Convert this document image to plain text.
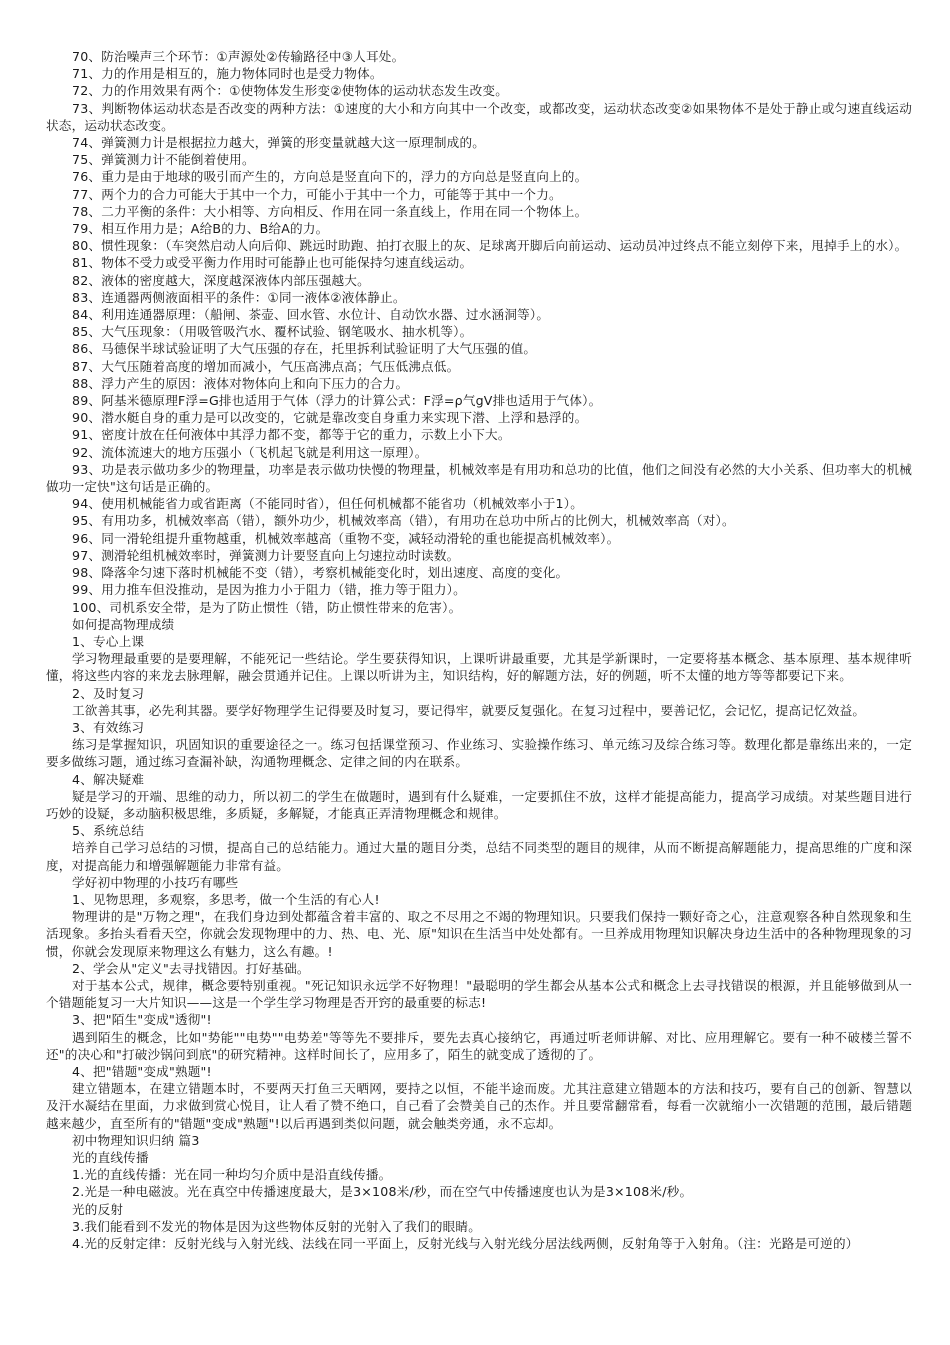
70、防治噪声三个环节：①声源处②传输路径中③人耳处。

71、力的作用是相互的，施力物体同时也是受力物体。

72、力的作用效果有两个：①使物体发生形变②使物体的运动状态发生改变。

73、判断物体运动状态是否改变的两种方法：①速度的大小和方向其中一个改变，或都改变，运动状态改变②如果物体不是处于静止或匀速直线运动状态，运动状态改变。

74、弹簧测力计是根据拉力越大，弹簧的形变量就越大这一原理制成的。

75、弹簧测力计不能倒着使用。

76、重力是由于地球的吸引而产生的，方向总是竖直向下的，浮力的方向总是竖直向上的。

77、两个力的合力可能大于其中一个力，可能小于其中一个力，可能等于其中一个力。

78、二力平衡的条件：大小相等、方向相反、作用在同一条直线上，作用在同一个物体上。

79、相互作用力是；A给B的力、B给A的力。

80、惯性现象：（车突然启动人向后仰、跳远时助跑、拍打衣服上的灰、足球离开脚后向前运动、运动员冲过终点不能立刻停下来，甩掉手上的水）。

81、物体不受力或受平衡力作用时可能静止也可能保持匀速直线运动。

82、液体的密度越大，深度越深液体内部压强越大。

83、连通器两侧液面相平的条件：①同一液体②液体静止。

84、利用连通器原理：（船闸、茶壶、回水管、水位计、自动饮水器、过水涵洞等）。

85、大气压现象：（用吸管吸汽水、覆杯试验、钢笔吸水、抽水机等）。

86、马德保半球试验证明了大气压强的存在，托里拆利试验证明了大气压强的值。

87、大气压随着高度的增加而减小，气压高沸点高；气压低沸点低。

88、浮力产生的原因：液体对物体向上和向下压力的合力。

89、阿基米德原理F浮=G排也适用于气体（浮力的计算公式：F浮=ρ气gV排也适用于气体）。

90、潜水艇自身的重力是可以改变的，它就是靠改变自身重力来实现下潜、上浮和悬浮的。

91、密度计放在任何液体中其浮力都不变，都等于它的重力，示数上小下大。

92、流体流速大的地方压强小（飞机起飞就是利用这一原理）。

93、功是表示做功多少的物理量，功率是表示做功快慢的物理量，机械效率是有用功和总功的比值，他们之间没有必然的大小关系、但功率大的机械做功一定快"这句话是正确的。

94、使用机械能省力或省距离（不能同时省），但任何机械都不能省功（机械效率小于1）。

95、有用功多，机械效率高（错），额外功少，机械效率高（错），有用功在总功中所占的比例大，机械效率高（对）。

96、同一滑轮组提升重物越重，机械效率越高（重物不变，减轻动滑轮的重也能提高机械效率）。

97、测滑轮组机械效率时，弹簧测力计要竖直向上匀速拉动时读数。

98、降落伞匀速下落时机械能不变（错），考察机械能变化时，划出速度、高度的变化。

99、用力推车但没推动，是因为推力小于阻力（错，推力等于阻力）。

100、司机系安全带，是为了防止惯性（错，防止惯性带来的危害）。

如何提高物理成绩

1、专心上课

学习物理最重要的是要理解，不能死记一些结论。学生要获得知识，上课听讲最重要，尤其是学新课时，一定要将基本概念、基本原理、基本规律听懂，将这些内容的来龙去脉理解，融会贯通并记住。上课以听讲为主，知识结构，好的解题方法，好的例题，听不太懂的地方等等都要记下来。

2、及时复习

工欲善其事，必先利其器。要学好物理学生记得要及时复习，要记得牢，就要反复强化。在复习过程中，要善记忆，会记忆，提高记忆效益。

3、有效练习

练习是掌握知识，巩固知识的重要途径之一。练习包括课堂预习、作业练习、实验操作练习、单元练习及综合练习等。数理化都是靠练出来的，一定要多做练习题，通过练习查漏补缺，沟通物理概念、定律之间的内在联系。

4、解决疑难

疑是学习的开端、思维的动力，所以初二的学生在做题时，遇到有什么疑难，一定要抓住不放，这样才能提高能力，提高学习成绩。对某些题目进行巧妙的设疑，多动脑积极思维，多质疑，多解疑，才能真正弄清物理概念和规律。

5、系统总结

培养自己学习总结的习惯，提高自己的总结能力。通过大量的题目分类，总结不同类型的题目的规律，从而不断提高解题能力，提高思维的广度和深度，对提高能力和增强解题能力非常有益。

学好初中物理的小技巧有哪些

1、见物思理，多观察，多思考，做一个生活的有心人!

物理讲的是"万物之理"，在我们身边到处都蕴含着丰富的、取之不尽用之不竭的物理知识。只要我们保持一颗好奇之心，注意观察各种自然现象和生活现象。多抬头看看天空，你就会发现物理中的力、热、电、光、原"知识在生活当中处处都有。一旦养成用物理知识解决身边生活中的各种物理现象的习惯，你就会发现原来物理这么有魅力，这么有趣。!

2、学会从"定义"去寻找错因。打好基础。

对于基本公式，规律，概念要特别重视。"死记知识永远学不好物理！"最聪明的学生都会从基本公式和概念上去寻找错误的根源，并且能够做到从一个错题能复习一大片知识——这是一个学生学习物理是否开窍的最重要的标志!

3、把"陌生"变成"透彻"!

遇到陌生的概念，比如"势能""电势""电势差"等等先不要排斥，要先去真心接纳它，再通过听老师讲解、对比、应用理解它。要有一种不破楼兰誓不还"的决心和"打破沙锅问到底"的研究精神。这样时间长了，应用多了，陌生的就变成了透彻的了。

4、把"错题"变成"熟题"!

建立错题本，在建立错题本时，不要两天打鱼三天晒网，要持之以恒，不能半途而废。尤其注意建立错题本的方法和技巧，要有自己的创新、智慧以及汗水凝结在里面，力求做到赏心悦目，让人看了赞不绝口，自己看了会赞美自己的杰作。并且要常翻常看，每看一次就缩小一次错题的范围，最后错题越来越少，直至所有的"错题"变成"熟题"!以后再遇到类似问题，就会触类旁通，永不忘却。

初中物理知识归纳 篇3

光的直线传播

1.光的直线传播：光在同一种均匀介质中是沿直线传播。

2.光是一种电磁波。光在真空中传播速度最大，是3×108米/秒，而在空气中传播速度也认为是3×108米/秒。

光的反射

3.我们能看到不发光的物体是因为这些物体反射的光射入了我们的眼睛。

4.光的反射定律：反射光线与入射光线、法线在同一平面上，反射光线与入射光线分居法线两侧，反射角等于入射角。（注：光路是可逆的）
